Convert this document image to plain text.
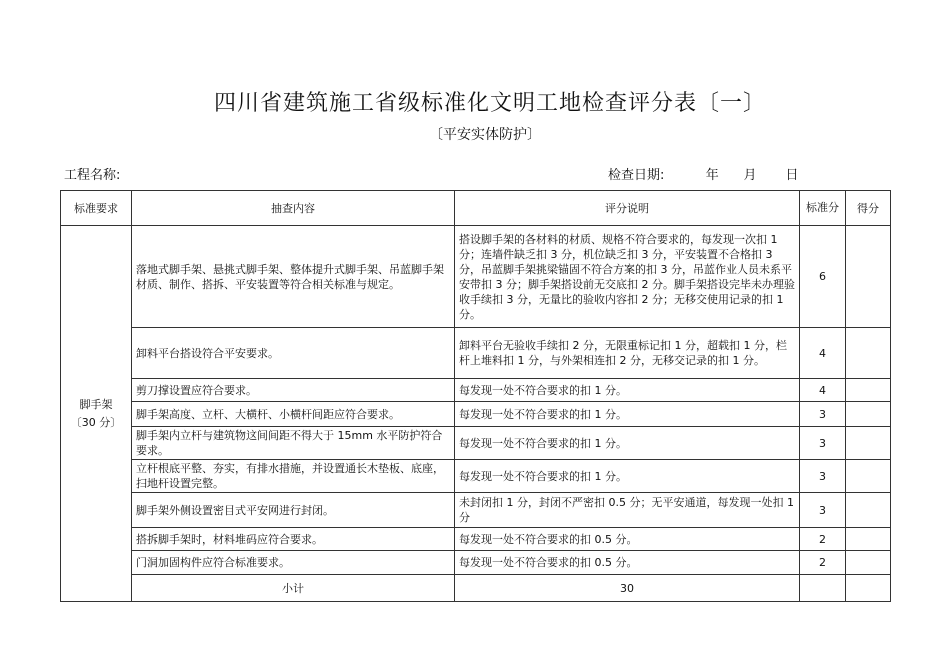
四川省建筑施工省级标准化文明工地检查评分表〔一〕
〔平安实体防护〕
工程名称:	检查日期:	年 月 日
标准要求	抽查内容	评分说明	标准分	得分

脚手架
〔30 分〕	落地式脚手架、悬挑式脚手架、整体提升式脚手架、吊蓝脚手架材质、制作、搭拆、平安装置等符合相关标准与规定。	搭设脚手架的各材料的材质、规格不符合要求的，每发现一次扣 1 分；连墙件缺乏扣 3 分，机位缺乏扣 3 分，平安装置不合格扣 3 分，吊蓝脚手架挑梁锚固不符合方案的扣 3 分，吊蓝作业人员未系平安带扣 3 分；脚手架搭设前无交底扣 2 分。脚手架搭设完毕未办理验收手续扣 3 分，无量比的验收内容扣 2 分；无移交使用记录的扣 1 分。	6	
	卸料平台搭设符合平安要求。	卸料平台无验收手续扣 2 分，无限重标记扣 1 分，超载扣 1 分，栏杆上堆料扣 1 分，与外架相连扣 2 分，无移交记录的扣 1 分。	4	
	剪刀撑设置应符合要求。	每发现一处不符合要求的扣 1 分。	4	
	脚手架高度、立杆、大横杆、小横杆间距应符合要求。	每发现一处不符合要求的扣 1 分。	3	
	脚手架内立杆与建筑物这间间距不得大于 15mm 水平防护符合要求。	每发现一处不符合要求的扣 1 分。	3	
	立杆根底平整、夯实，有排水措施，并设置通长木垫板、底座，扫地杆设置完整。	每发现一处不符合要求的扣 1 分。	3	
	脚手架外侧设置密目式平安网进行封闭。	未封闭扣 1 分，封闭不严密扣 0.5 分；无平安通道，每发现一处扣 1 分	3	
	搭拆脚手架时，材料堆码应符合要求。	每发现一处不符合要求的扣 0.5 分。	2	
	门洞加固构件应符合标准要求。	每发现一处不符合要求的扣 0.5 分。	2	
	小计	30		
